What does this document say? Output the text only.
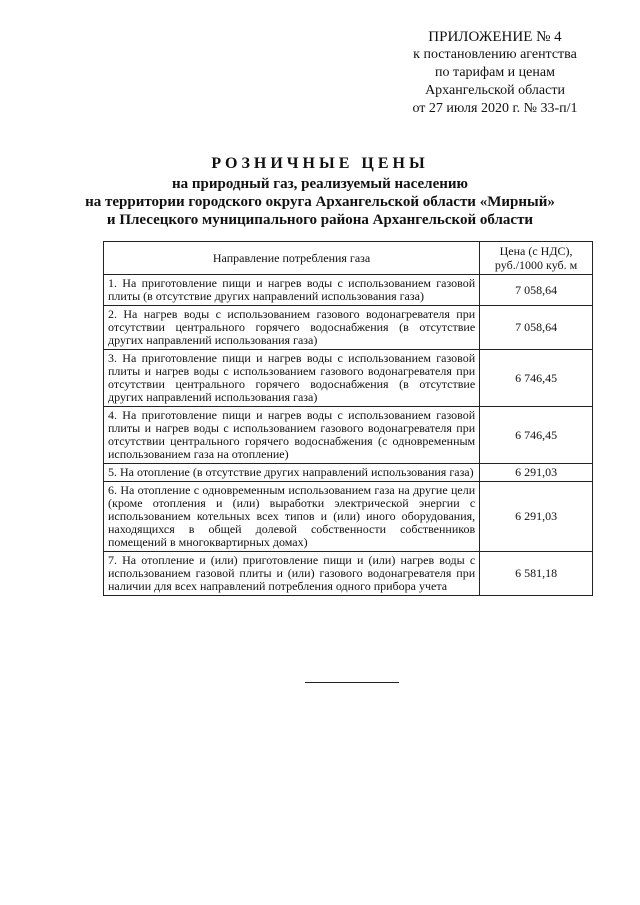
ПРИЛОЖЕНИЕ № 4
к постановлению агентства
по тарифам и ценам
Архангельской области
от 27 июля 2020 г. № 33-п/1
РОЗНИЧНЫЕ ЦЕНЫ
на природный газ, реализуемый населению
на территории городского округа Архангельской области «Мирный»
и Плесецкого муниципального района Архангельской области
Направление потребления газа	Цена (с НДС),
руб./1000 куб. м

1. На приготовление пищи и нагрев воды с использованием газовой плиты (в отсутствие других направлений использования газа)	7 058,64
2. На нагрев воды с использованием газового водонагревателя при отсутствии центрального горячего водоснабжения (в отсутствие других направлений использования газа)	7 058,64
3. На приготовление пищи и нагрев воды с использованием газовой плиты и нагрев воды с использованием газового водонагревателя при отсутствии центрального горячего водоснабжения (в отсутствие других направлений использования газа)	6 746,45
4. На приготовление пищи и нагрев воды с использованием газовой плиты и нагрев воды с использованием газового водонагревателя при отсутствии центрального горячего водоснабжения (с одновременным использованием газа на отопление)	6 746,45
5. На отопление (в отсутствие других направлений использования газа)	6 291,03
6. На отопление с одновременным использованием газа на другие цели (кроме отопления и (или) выработки электрической энергии с использованием котельных всех типов и (или) иного оборудования, находящихся в общей долевой собственности собственников помещений в многоквартирных домах)	6 291,03
7. На отопление и (или) приготовление пищи и (или) нагрев воды с использованием газовой плиты и (или) газового водонагревателя при наличии для всех направлений потребления одного прибора учета	6 581,18
